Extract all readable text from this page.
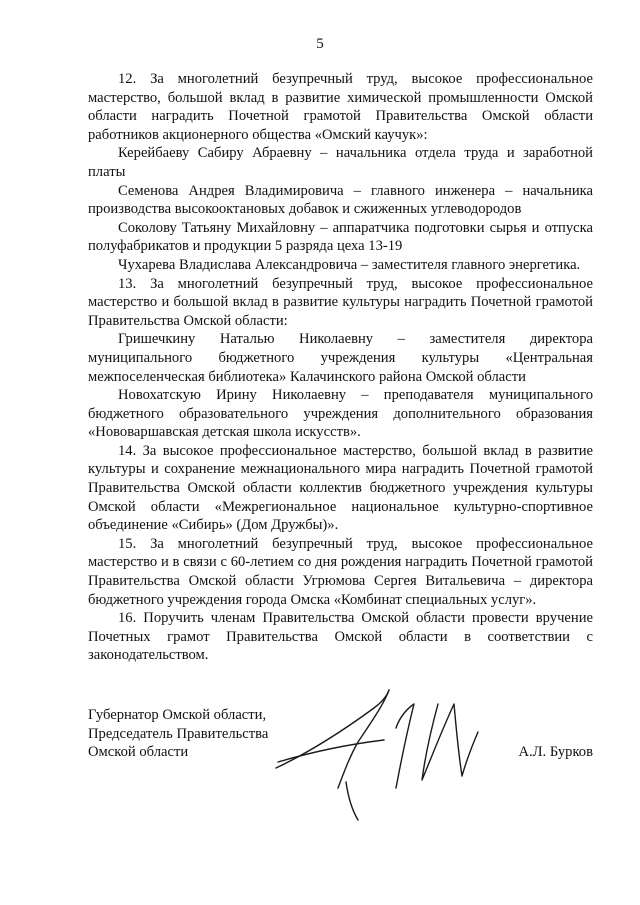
5

12. За многолетний безупречный труд, высокое профессиональное мастерство, большой вклад в развитие химической промышленности Омской области наградить Почетной грамотой Правительства Омской области работников акционерного общества «Омский каучук»:

Керейбаеву Сабиру Абраевну – начальника отдела труда и заработной платы

Семенова Андрея Владимировича – главного инженера – начальника производства высокооктановых добавок и сжиженных углеводородов

Соколову Татьяну Михайловну – аппаратчика подготовки сырья и отпуска полуфабрикатов и продукции 5 разряда цеха 13-19

Чухарева Владислава Александровича – заместителя главного энергетика.

13. За многолетний безупречный труд, высокое профессиональное мастерство и большой вклад в развитие культуры наградить Почетной грамотой Правительства Омской области:

Гришечкину Наталью Николаевну – заместителя директора муниципального бюджетного учреждения культуры «Центральная межпоселенческая библиотека» Калачинского района Омской области

Новохатскую Ирину Николаевну – преподавателя муниципального бюджетного образовательного учреждения дополнительного образования «Нововаршавская детская школа искусств».

14. За высокое профессиональное мастерство, большой вклад в развитие культуры и сохранение межнационального мира наградить Почетной грамотой Правительства Омской области коллектив бюджетного учреждения культуры Омской области «Межрегиональное национальное культурно-спортивное объединение «Сибирь» (Дом Дружбы)».

15. За многолетний безупречный труд, высокое профессиональное мастерство и в связи с 60-летием со дня рождения наградить Почетной грамотой Правительства Омской области Угрюмова Сергея Витальевича – директора бюджетного учреждения города Омска «Комбинат специальных услуг».

16. Поручить членам Правительства Омской области провести вручение Почетных грамот Правительства Омской области в соответствии с законодательством.

Губернатор Омской области,
Председатель Правительства
Омской области	А.Л. Бурков
